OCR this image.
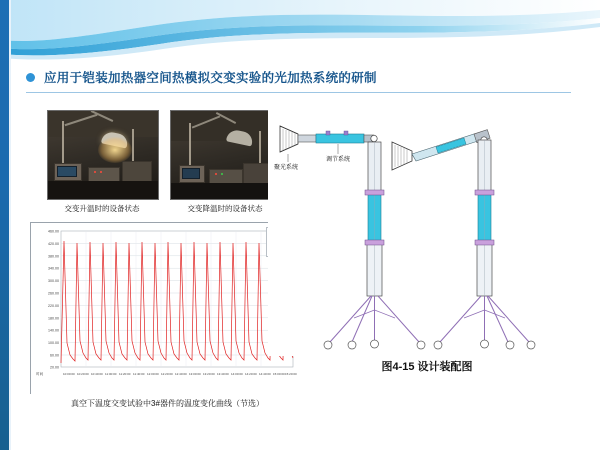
应用于铠装加热器空间热模拟交变实验的光加热系统的研制
交变升温时的设备状态	交变降温时的设备状态
460.00
420.00
380.00
340.00
300.00
260.00
220.00
180.00
140.00
100.00
60.00
20.00
10:00:00 10:20:00 10:40:00 11:00:00 11:20:00 11:40:00 12:00:00 12:20:00 12:40:00 13:00:00 13:20:00 13:40:00 14:00:00 14:20:00 14:40:00 15:00:00 15:20:00
时间
真空下温度交变试验中3#器件的温度变化曲线（节选）
聚光系统
调节系统
图4-15 设计装配图
